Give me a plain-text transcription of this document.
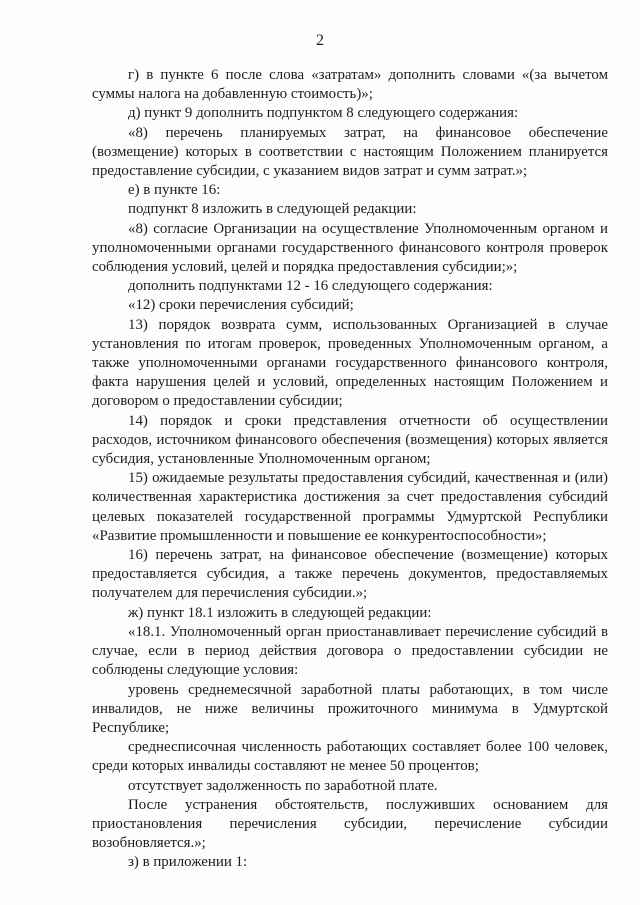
2

г) в пункте 6 после слова «затратам» дополнить словами «(за вычетом суммы налога на добавленную стоимость)»;

д) пункт 9 дополнить подпунктом 8 следующего содержания:

«8) перечень планируемых затрат, на финансовое обеспечение (возмещение) которых в соответствии с настоящим Положением планируется предоставление субсидии, с указанием видов затрат и сумм затрат.»;

е) в пункте 16:

подпункт 8 изложить в следующей редакции:

«8) согласие Организации на осуществление Уполномоченным органом и уполномоченными органами государственного финансового контроля проверок соблюдения условий, целей и порядка предоставления субсидии;»;

дополнить подпунктами 12 - 16 следующего содержания:

«12) сроки перечисления субсидий;

13) порядок возврата сумм, использованных Организацией в случае установления по итогам проверок, проведенных Уполномоченным органом, а также уполномоченными органами государственного финансового контроля, факта нарушения целей и условий, определенных настоящим Положением и договором о предоставлении субсидии;

14) порядок и сроки представления отчетности об осуществлении расходов, источником финансового обеспечения (возмещения) которых является субсидия, установленные Уполномоченным органом;

15) ожидаемые результаты предоставления субсидий, качественная и (или) количественная характеристика достижения за счет предоставления субсидий целевых показателей государственной программы Удмуртской Республики «Развитие промышленности и повышение ее конкурентоспособности»;

16) перечень затрат, на финансовое обеспечение (возмещение) которых предоставляется субсидия, а также перечень документов, предоставляемых получателем для перечисления субсидии.»;

ж) пункт 18.1 изложить в следующей редакции:

«18.1. Уполномоченный орган приостанавливает перечисление субсидий в случае, если в период действия договора о предоставлении субсидии не соблюдены следующие условия:

уровень среднемесячной заработной платы работающих, в том числе инвалидов, не ниже величины прожиточного минимума в Удмуртской Республике;

среднесписочная численность работающих составляет более 100 человек, среди которых инвалиды составляют не менее 50 процентов;

отсутствует задолженность по заработной плате.

После устранения обстоятельств, послуживших основанием для приостановления перечисления субсидии, перечисление субсидии возобновляется.»;

з) в приложении 1:
